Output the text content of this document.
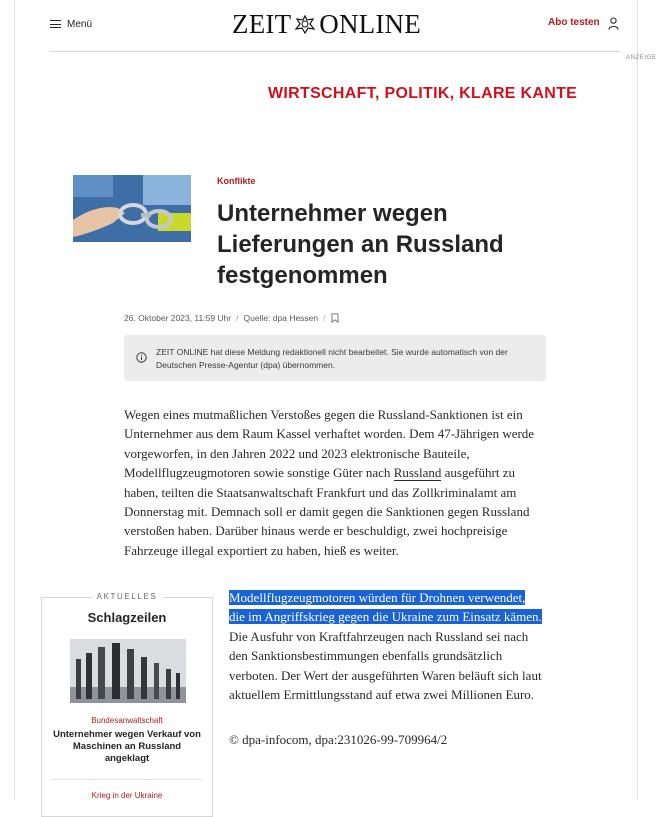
Menü	ZEIT ONLINE	Abo testen
ANZEIGE
WIRTSCHAFT, POLITIK, KLARE KANTE
Konflikte
Unternehmer wegen Lieferungen an Russland festgenommen
26. Oktober 2023, 11:59 Uhr / Quelle: dpa Hessen /
ZEIT ONLINE hat diese Meldung redaktionell nicht bearbeitet. Sie wurde automatisch von der Deutschen Presse-Agentur (dpa) übernommen.

Wegen eines mutmaßlichen Verstoßes gegen die Russland-Sanktionen ist ein Unternehmer aus dem Raum Kassel verhaftet worden. Dem 47-Jährigen werde vorgeworfen, in den Jahren 2022 und 2023 elektronische Bauteile, Modellflugzeugmotoren sowie sonstige Güter nach Russland ausgeführt zu haben, teilten die Staatsanwaltschaft Frankfurt und das Zollkriminalamt am Donnerstag mit. Demnach soll er damit gegen die Sanktionen gegen Russland verstoßen haben. Darüber hinaus werde er beschuldigt, zwei hochpreisige Fahrzeuge illegal exportiert zu haben, hieß es weiter.

Modellflugzeugmotoren würden für Drohnen verwendet, die im Angriffskrieg gegen die Ukraine zum Einsatz kämen. Die Ausfuhr von Kraftfahrzeugen nach Russland sei nach den Sanktionsbestimmungen ebenfalls grundsätzlich verboten. Der Wert der ausgeführten Waren beläuft sich laut aktuellem Ermittlungsstand auf etwa zwei Millionen Euro.

© dpa-infocom, dpa:231026-99-709964/2

AKTUELLES
Schlagzeilen
Bundesanwaltschaft

Unternehmer wegen Verkauf von Maschinen an Russland angeklagt

Krieg in der Ukraine
